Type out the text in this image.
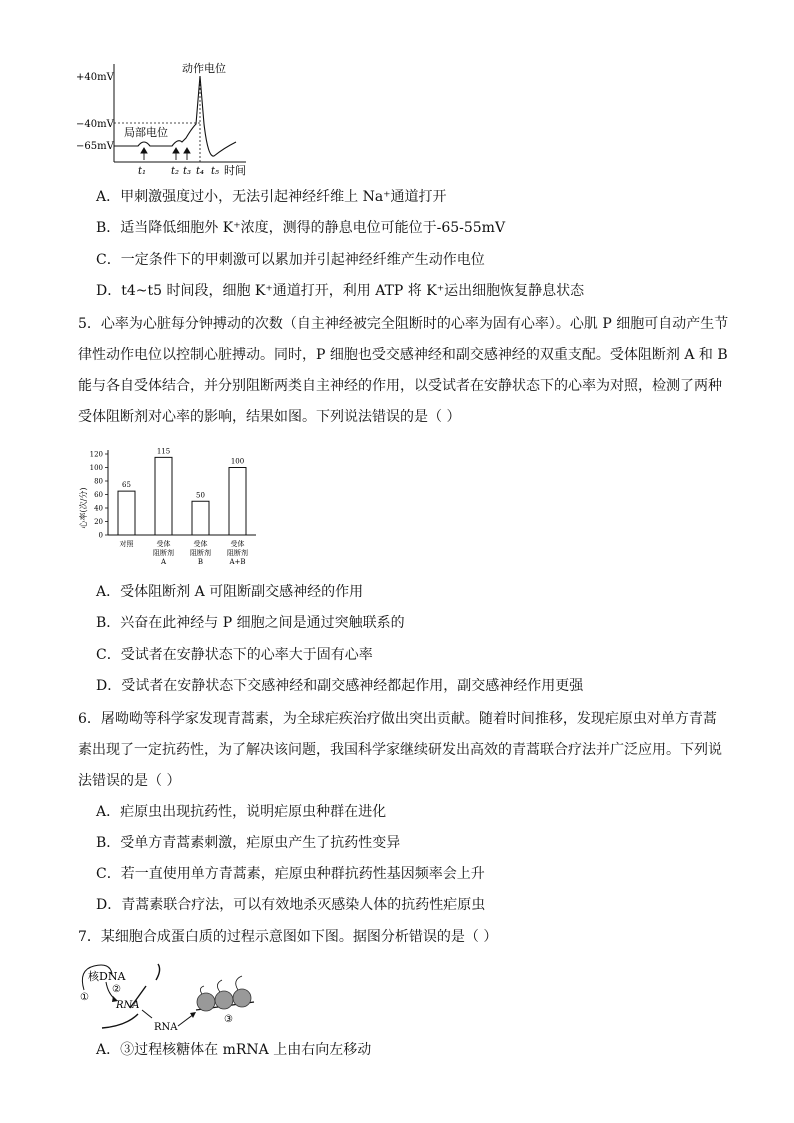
+40mV
−40mV
−65mV
动作电位
局部电位
t₁ t₂ t₃ t₄ t₅ 时间
A．甲刺激强度过小，无法引起神经纤维上 Na⁺通道打开
B．适当降低细胞外 K⁺浓度，测得的静息电位可能位于-65-55mV
C．一定条件下的甲刺激可以累加并引起神经纤维产生动作电位
D．t4~t5 时间段，细胞 K⁺通道打开，利用 ATP 将 K⁺运出细胞恢复静息状态
5．心率为心脏每分钟搏动的次数（自主神经被完全阻断时的心率为固有心率）。心肌 P 细胞可自动产生节
律性动作电位以控制心脏搏动。同时，P 细胞也受交感神经和副交感神经的双重支配。受体阻断剂 A 和 B
能与各自受体结合，并分别阻断两类自主神经的作用，以受试者在安静状态下的心率为对照，检测了两种
受体阻断剂对心率的影响，结果如图。下列说法错误的是（ ）
心率(次/分)
0
20
40
60
80
100
120
65
对照
115
受体
阻断剂
A
50
受体
阻断剂
B
100
受体
阻断剂
A+B
A．受体阻断剂 A 可阻断副交感神经的作用
B．兴奋在此神经与 P 细胞之间是通过突触联系的
C．受试者在安静状态下的心率大于固有心率
D．受试者在安静状态下交感神经和副交感神经都起作用，副交感神经作用更强
6．屠呦呦等科学家发现青蒿素，为全球疟疾治疗做出突出贡献。随着时间推移，发现疟原虫对单方青蒿
素出现了一定抗药性，为了解决该问题，我国科学家继续研发出高效的青蒿联合疗法并广泛应用。下列说
法错误的是（ ）
A．疟原虫出现抗药性，说明疟原虫种群在进化
B．受单方青蒿素刺激，疟原虫产生了抗药性变异
C．若一直使用单方青蒿素，疟原虫种群抗药性基因频率会上升
D．青蒿素联合疗法，可以有效地杀灭感染人体的抗药性疟原虫
7．某细胞合成蛋白质的过程示意图如下图。据图分析错误的是（ ）
核DNA
①
②
RNA
RNA
③
A．③过程核糖体在 mRNA 上由右向左移动
